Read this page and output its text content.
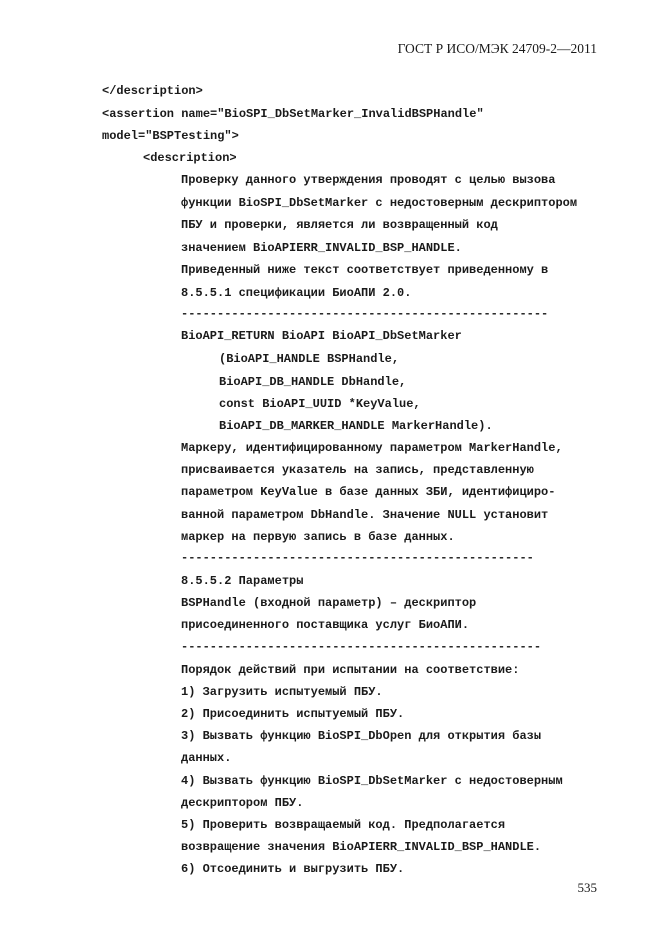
ГОСТ Р ИСО/МЭК 24709-2—2011
</description>
<assertion name="BioSPI_DbSetMarker_InvalidBSPHandle"
model="BSPTesting">
<description>
Проверку данного утверждения проводят с целью вызова
функции BioSPI_DbSetMarker с недостоверным дескриптором
ПБУ и проверки, является ли возвращенный код
значением BioAPIERR_INVALID_BSP_HANDLE.
Приведенный ниже текст соответствует приведенному в
8.5.5.1 спецификации БиоАПИ 2.0.
---------------------------------------------------
BioAPI_RETURN BioAPI BioAPI_DbSetMarker
(BioAPI_HANDLE BSPHandle,
BioAPI_DB_HANDLE DbHandle,
const BioAPI_UUID *KeyValue,
BioAPI_DB_MARKER_HANDLE MarkerHandle).
Маркеру, идентифицированному параметром MarkerHandle,
присваивается указатель на запись, представленную
параметром KeyValue в базе данных ЗБИ, идентифициро-
ванной параметром DbHandle. Значение NULL установит
маркер на первую запись в базе данных.
-------------------------------------------------
8.5.5.2 Параметры
BSPHandle (входной параметр) – дескриптор
присоединенного поставщика услуг БиоАПИ.
--------------------------------------------------
Порядок действий при испытании на соответствие:
1) Загрузить испытуемый ПБУ.
2) Присоединить испытуемый ПБУ.
3) Вызвать функцию BioSPI_DbOpen для открытия базы
данных.
4) Вызвать функцию BioSPI_DbSetMarker с недостоверным
дескриптором ПБУ.
5) Проверить возвращаемый код. Предполагается
возвращение значения BioAPIERR_INVALID_BSP_HANDLE.
6) Отсоединить и выгрузить ПБУ.
535
